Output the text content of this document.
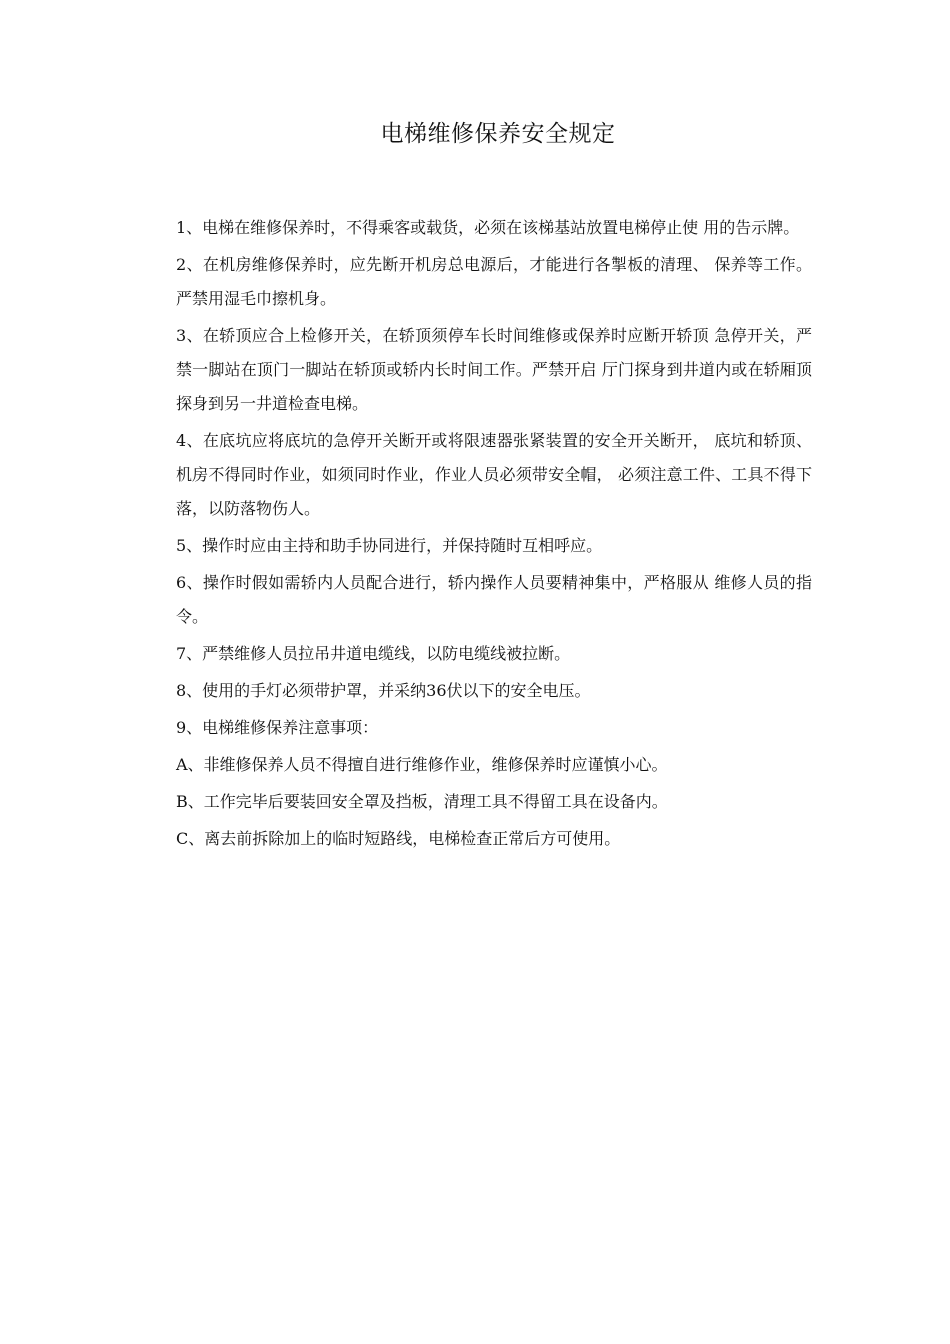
电梯维修保养安全规定

1、电梯在维修保养时，不得乘客或载货，必须在该梯基站放置电梯停止使 用的告示牌。

2、在机房维修保养时，应先断开机房总电源后，才能进行各掣板的清理、 保养等工作。严禁用湿毛巾擦机身。

3、在轿顶应合上检修开关，在轿顶须停车长时间维修或保养时应断开轿顶 急停开关，严禁一脚站在顶门一脚站在轿顶或轿内长时间工作。严禁开启 厅门探身到井道内或在轿厢顶探身到另一井道检查电梯。

4、在底坑应将底坑的急停开关断开或将限速器张紧装置的安全开关断开， 底坑和轿顶、机房不得同时作业，如须同时作业，作业人员必须带安全帽， 必须注意工件、工具不得下落，以防落物伤人。

5、操作时应由主持和助手协同进行，并保持随时互相呼应。

6、操作时假如需轿内人员配合进行，轿内操作人员要精神集中，严格服从 维修人员的指令。

7、严禁维修人员拉吊井道电缆线，以防电缆线被拉断。

8、使用的手灯必须带护罩，并采纳36伏以下的安全电压。

9、电梯维修保养注意事项：

A、非维修保养人员不得擅自进行维修作业，维修保养时应谨慎小心。

B、工作完毕后要装回安全罩及挡板，清理工具不得留工具在设备内。

C、离去前拆除加上的临时短路线，电梯检查正常后方可使用。
